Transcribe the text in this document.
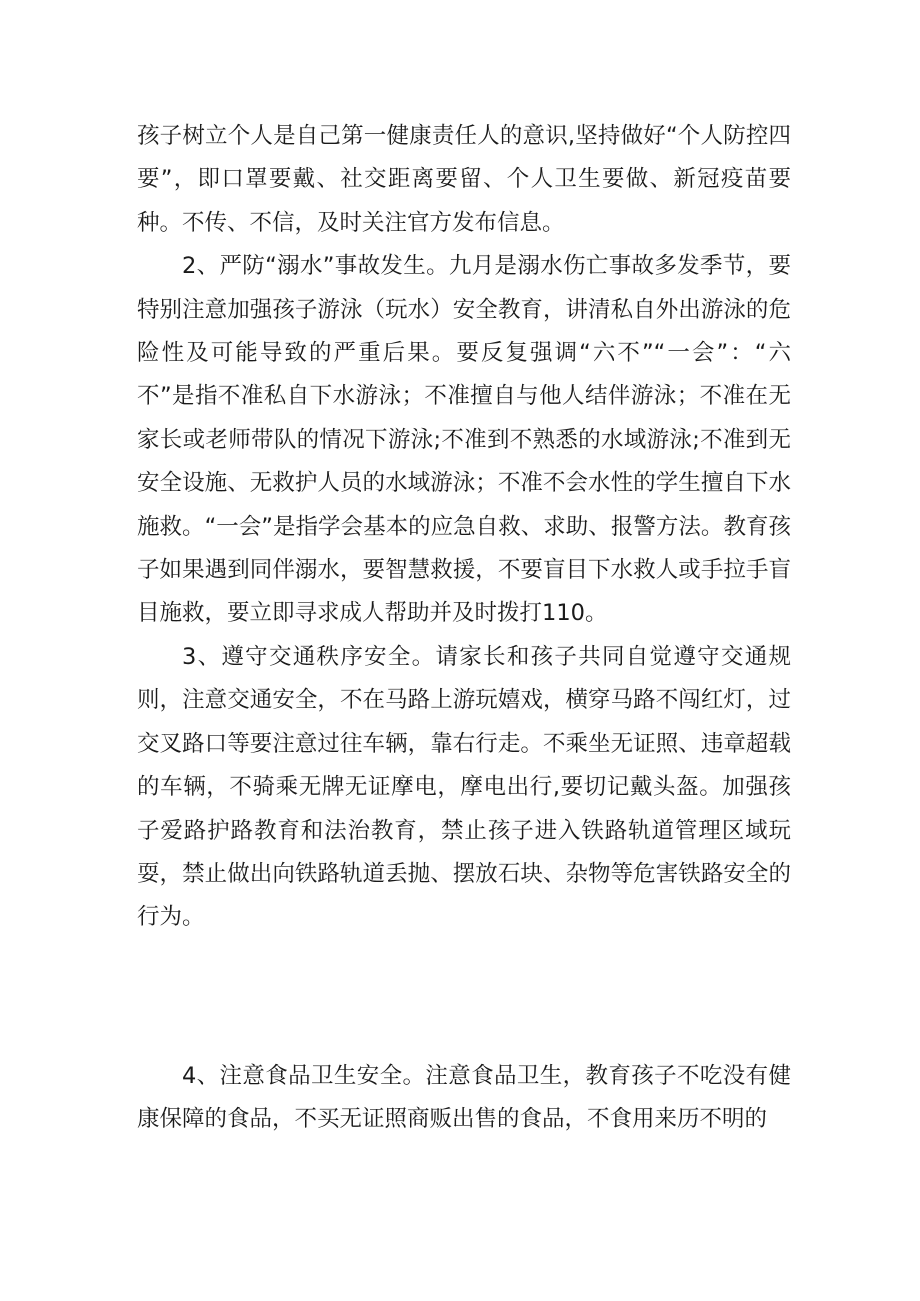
孩子树立个人是自己第一健康责任人的意识,坚持做好“个人防控四要”，即口罩要戴、社交距离要留、个人卫生要做、新冠疫苗要种。不传、不信，及时关注官方发布信息。

2、严防“溺水”事故发生。九月是溺水伤亡事故多发季节，要特别注意加强孩子游泳（玩水）安全教育，讲清私自外出游泳的危险性及可能导致的严重后果。要反复强调“六不”“一会”：“六不”是指不准私自下水游泳；不准擅自与他人结伴游泳；不准在无家长或老师带队的情况下游泳;不准到不熟悉的水域游泳;不准到无安全设施、无救护人员的水域游泳；不准不会水性的学生擅自下水施救。“一会”是指学会基本的应急自救、求助、报警方法。教育孩子如果遇到同伴溺水，要智慧救援，不要盲目下水救人或手拉手盲目施救，要立即寻求成人帮助并及时拨打110。

3、遵守交通秩序安全。请家长和孩子共同自觉遵守交通规则，注意交通安全，不在马路上游玩嬉戏，横穿马路不闯红灯，过交叉路口等要注意过往车辆，靠右行走。不乘坐无证照、违章超载的车辆，不骑乘无牌无证摩电，摩电出行,要切记戴头盔。加强孩子爱路护路教育和法治教育，禁止孩子进入铁路轨道管理区域玩耍，禁止做出向铁路轨道丢抛、摆放石块、杂物等危害铁路安全的行为。

4、注意食品卫生安全。注意食品卫生，教育孩子不吃没有健康保障的食品，不买无证照商贩出售的食品，不食用来历不明的
